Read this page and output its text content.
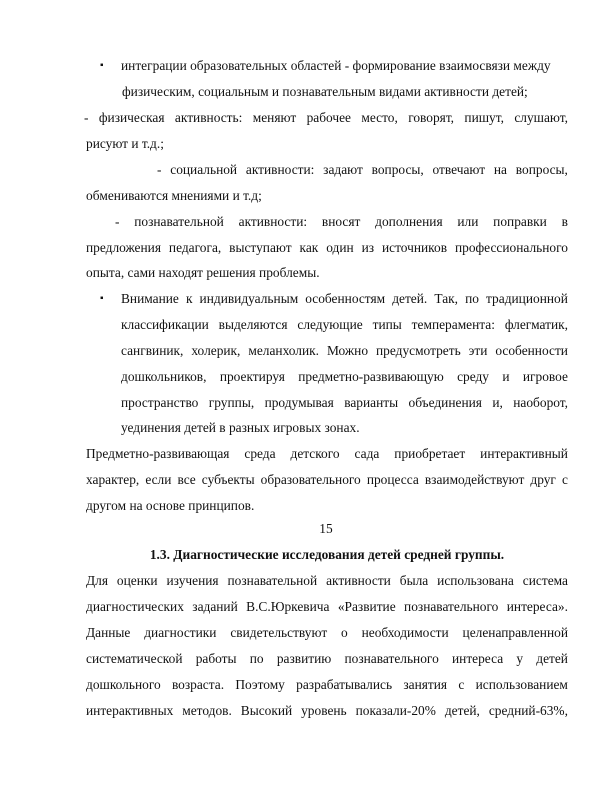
▪ интеграции образовательных областей - формирование взаимосвязи между
физическим, социальным и познавательным видами активности детей;
- физическая активность: меняют рабочее место, говорят, пишут, слушают,
рисуют и т.д.;
- социальной активности: задают вопросы, отвечают на вопросы,
обмениваются мнениями и т.д;
- познавательной активности: вносят дополнения или поправки в
предложения педагога, выступают как один из источников профессионального
опыта, сами находят решения проблемы.
▪ Внимание к индивидуальным особенностям детей. Так, по традиционной
классификации выделяются следующие типы темперамента: флегматик,
сангвиник, холерик, меланхолик. Можно предусмотреть эти особенности
дошкольников, проектируя предметно-развивающую среду и игровое
пространство группы, продумывая варианты объединения и, наоборот,
уединения детей в разных игровых зонах.
Предметно-развивающая среда детского сада приобретает интерактивный
характер, если все субъекты образовательного процесса взаимодействуют друг с
другом на основе принципов.
15
1.3. Диагностические исследования детей средней группы.
Для оценки изучения познавательной активности была использована система
диагностических заданий В.С.Юркевича «Развитие познавательного интереса».
Данные диагностики свидетельствуют о необходимости целенаправленной
систематической работы по развитию познавательного интереса у детей
дошкольного возраста. Поэтому разрабатывались занятия с использованием
интерактивных методов. Высокий уровень показали-20% детей, средний-63%,
